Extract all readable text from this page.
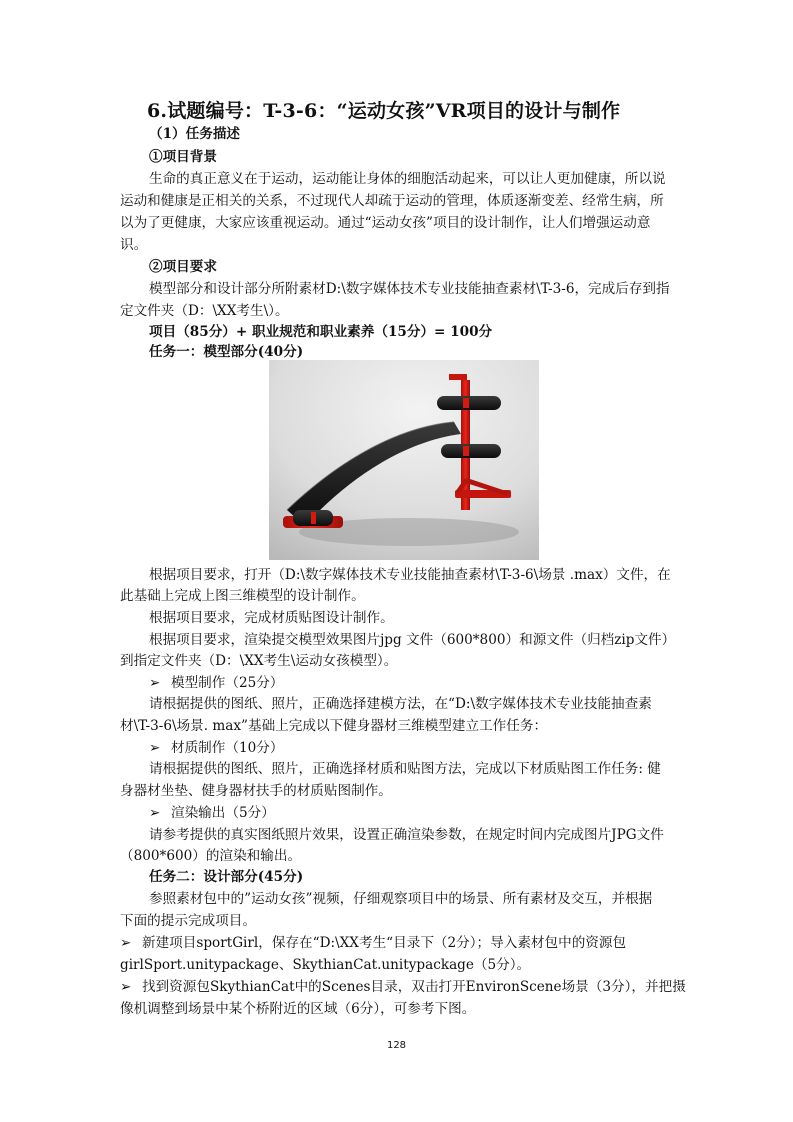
6.试题编号：T-3-6：“运动女孩”VR项目的设计与制作
（1）任务描述
①项目背景
生命的真正意义在于运动，运动能让身体的细胞活动起来，可以让人更加健康，所以说
运动和健康是正相关的关系，不过现代人却疏于运动的管理，体质逐渐变差、经常生病，所
以为了更健康，大家应该重视运动。通过“运动女孩”项目的设计制作，让人们增强运动意
识。
②项目要求
模型部分和设计部分所附素材D:\数字媒体技术专业技能抽查素材\T-3-6，完成后存到指
定文件夹（D：\XX考生\）。
项目（85分）+ 职业规范和职业素养（15分）= 100分
任务一：模型部分(40分)
根据项目要求，打开（D:\数字媒体技术专业技能抽查素材\T-3-6\场景 .max）文件，在
此基础上完成上图三维模型的设计制作。
根据项目要求，完成材质贴图设计制作。
根据项目要求，渲染提交模型效果图片jpg 文件（600*800）和源文件（归档zip文件）
到指定文件夹（D：\XX考生\运动女孩模型）。
➢ 模型制作（25分）
请根据提供的图纸、照片，正确选择建模方法，在“D:\数字媒体技术专业技能抽查素
材\T-3-6\场景. max”基础上完成以下健身器材三维模型建立工作任务：
➢ 材质制作（10分）
请根据提供的图纸、照片，正确选择材质和贴图方法，完成以下材质贴图工作任务: 健
身器材坐垫、健身器材扶手的材质贴图制作。
➢ 渲染输出（5分）
请参考提供的真实图纸照片效果，设置正确渲染参数，在规定时间内完成图片JPG文件
（800*600）的渲染和输出。
任务二：设计部分(45分)
参照素材包中的”运动女孩”视频，仔细观察项目中的场景、所有素材及交互，并根据
下面的提示完成项目。
➢ 新建项目sportGirl，保存在“D:\XX考生“目录下（2分）；导入素材包中的资源包
girlSport.unitypackage、SkythianCat.unitypackage（5分）。
➢ 找到资源包SkythianCat中的Scenes目录，双击打开EnvironScene场景（3分），并把摄
像机调整到场景中某个桥附近的区域（6分），可参考下图。
128
